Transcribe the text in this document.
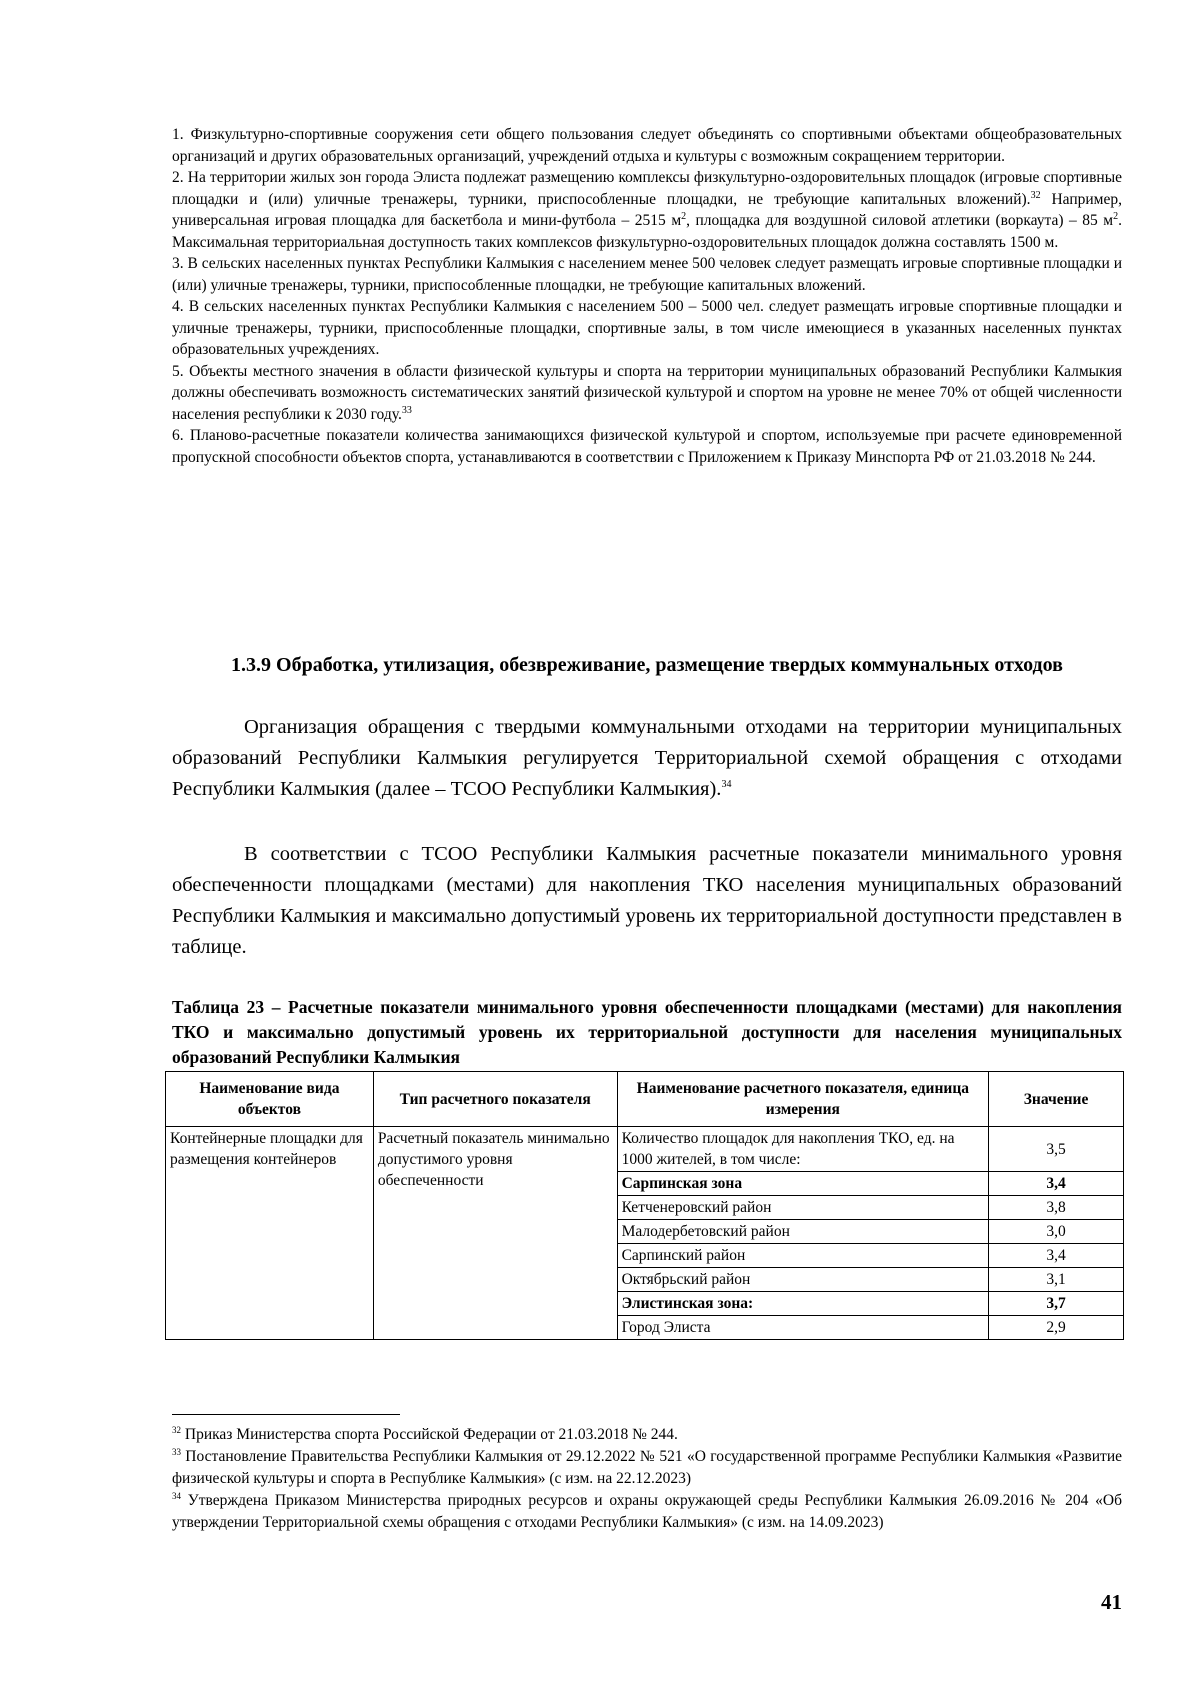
1. Физкультурно-спортивные сооружения сети общего пользования следует объединять со спортивными объектами общеобразовательных организаций и других образовательных организаций, учреждений отдыха и культуры с возможным сокращением территории.

2. На территории жилых зон города Элиста подлежат размещению комплексы физкультурно-оздоровительных площадок (игровые спортивные площадки и (или) уличные тренажеры, турники, приспособленные площадки, не требующие капитальных вложений).$^{32}$ Например, универсальная игровая площадка для баскетбола и мини-футбола – 2515 $м^2$, площадка для воздушной силовой атлетики (воркаута) – 85 $м^2$. Максимальная территориальная доступность таких комплексов физкультурно-оздоровительных площадок должна составлять 1500 м.

3. В сельских населенных пунктах Республики Калмыкия с населением менее 500 человек следует размещать игровые спортивные площадки и (или) уличные тренажеры, турники, приспособленные площадки, не требующие капитальных вложений.

4. В сельских населенных пунктах Республики Калмыкия с населением 500 – 5000 чел. следует размещать игровые спортивные площадки и уличные тренажеры, турники, приспособленные площадки, спортивные залы, в том числе имеющиеся в указанных населенных пунктах образовательных учреждениях.

5. Объекты местного значения в области физической культуры и спорта на территории муниципальных образований Республики Калмыкия должны обеспечивать возможность систематических занятий физической культурой и спортом на уровне не менее 70% от общей численности населения республики к 2030 году.$^{33}$

6. Планово-расчетные показатели количества занимающихся физической культурой и спортом, используемые при расчете единовременной пропускной способности объектов спорта, устанавливаются в соответствии с Приложением к Приказу Минспорта РФ от 21.03.2018 № 244.

1.3.9 Обработка, утилизация, обезвреживание, размещение твердых коммунальных отходов

Организация обращения с твердыми коммунальными отходами на территории муниципальных образований Республики Калмыкия регулируется Территориальной схемой обращения с отходами Республики Калмыкия (далее – ТСОО Республики Калмыкия).$^{34}$

В соответствии с ТСОО Республики Калмыкия расчетные показатели минимального уровня обеспеченности площадками (местами) для накопления ТКО населения муниципальных образований Республики Калмыкия и максимально допустимый уровень их территориальной доступности представлен в таблице.

Таблица 23 – Расчетные показатели минимального уровня обеспеченности площадками (местами) для накопления ТКО и максимально допустимый уровень их территориальной доступности для населения муниципальных образований Республики Калмыкия

Наименование вида объектов	Тип расчетного показателя	Наименование расчетного показателя, единица измерения	Значение
Контейнерные площадки для размещения контейнеров	Расчетный показатель минимально допустимого уровня обеспеченности	Количество площадок для накопления ТКО, ед. на 1000 жителей, в том числе:	3,5
		Сарпинская зона	3,4
		Кетченеровский район	3,8
		Малодербетовский район	3,0
		Сарпинский район	3,4
		Октябрьский район	3,1
		Элистинская зона:	3,7
		Город Элиста	2,9

$^{32}$ Приказ Министерства спорта Российской Федерации от 21.03.2018 № 244.

$^{33}$ Постановление Правительства Республики Калмыкия от 29.12.2022 № 521 «О государственной программе Республики Калмыкия «Развитие физической культуры и спорта в Республике Калмыкия» (с изм. на 22.12.2023)

$^{34}$ Утверждена Приказом Министерства природных ресурсов и охраны окружающей среды Республики Калмыкия 26.09.2016 № 204 «Об утверждении Территориальной схемы обращения с отходами Республики Калмыкия» (с изм. на 14.09.2023)

41
